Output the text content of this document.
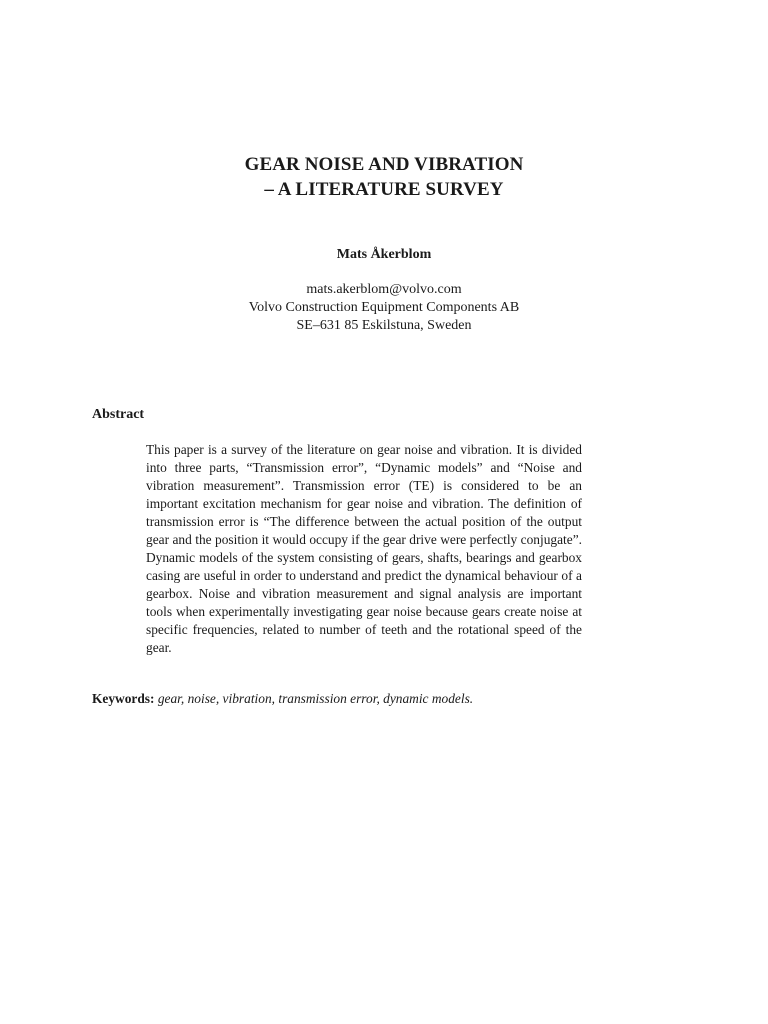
GEAR NOISE AND VIBRATION
– A LITERATURE SURVEY
Mats Åkerblom
mats.akerblom@volvo.com
Volvo Construction Equipment Components AB
SE–631 85 Eskilstuna, Sweden
Abstract
This paper is a survey of the literature on gear noise and vibration. It is divided into three parts, “Transmission error”, “Dynamic models” and “Noise and vibration measurement”. Transmission error (TE) is considered to be an important excitation mechanism for gear noise and vibration. The definition of transmission error is “The difference between the actual position of the output gear and the position it would occupy if the gear drive were perfectly conjugate”. Dynamic models of the system consisting of gears, shafts, bearings and gearbox casing are useful in order to understand and predict the dynamical behaviour of a gearbox. Noise and vibration measurement and signal analysis are important tools when experimentally investigating gear noise because gears create noise at specific frequencies, related to number of teeth and the rotational speed of the gear.
Keywords: gear, noise, vibration, transmission error, dynamic models.
